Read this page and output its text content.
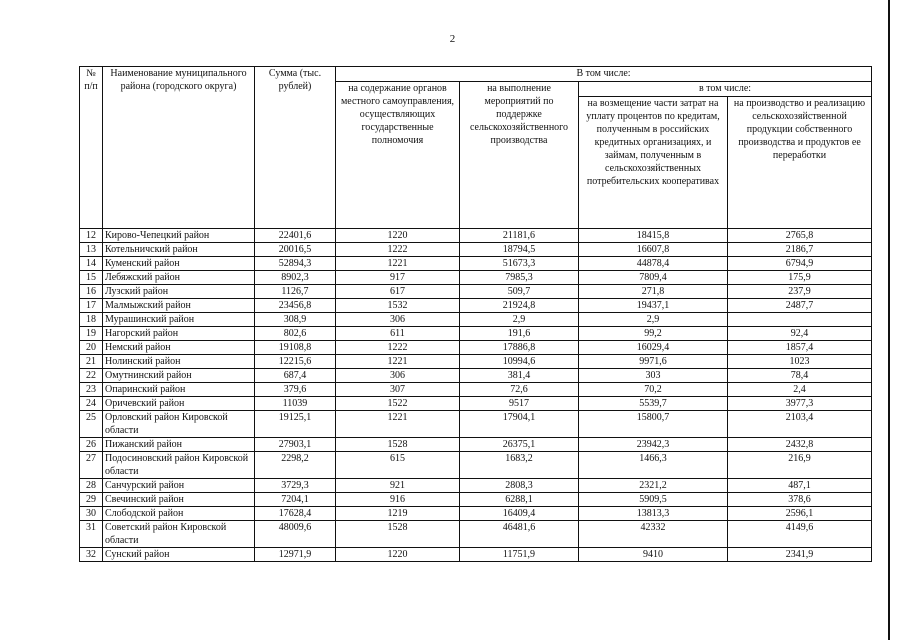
2
№ п/п	Наименование муниципального района (городского округа)	Сумма (тыс. рублей)	В том числе:			
			на содержание органов местного самоуправления, осуществляющих государственные полномочия	на выполнение мероприятий по поддержке сельскохозяйственного производства	в том числе:	
					на возмещение части затрат на уплату процентов по кредитам, полученным в российских кредитных организациях, и займам, полученным в сельскохозяйственных потребительских кооперативах	на производство и реализацию сельскохозяйственной продукции собственного производства и продуктов ее переработки
12	Кирово-Чепецкий район	22401,6	1220	21181,6	18415,8	2765,8
13	Котельничский район	20016,5	1222	18794,5	16607,8	2186,7
14	Куменский район	52894,3	1221	51673,3	44878,4	6794,9
15	Лебяжский район	8902,3	917	7985,3	7809,4	175,9
16	Лузский район	1126,7	617	509,7	271,8	237,9
17	Малмыжский район	23456,8	1532	21924,8	19437,1	2487,7
18	Мурашинский район	308,9	306	2,9	2,9	
19	Нагорский район	802,6	611	191,6	99,2	92,4
20	Немский район	19108,8	1222	17886,8	16029,4	1857,4
21	Нолинский район	12215,6	1221	10994,6	9971,6	1023
22	Омутнинский район	687,4	306	381,4	303	78,4
23	Опаринский район	379,6	307	72,6	70,2	2,4
24	Оричевский район	11039	1522	9517	5539,7	3977,3
25	Орловский район Кировской области	19125,1	1221	17904,1	15800,7	2103,4
26	Пижанский район	27903,1	1528	26375,1	23942,3	2432,8
27	Подосиновский район Кировской области	2298,2	615	1683,2	1466,3	216,9
28	Санчурский район	3729,3	921	2808,3	2321,2	487,1
29	Свечинский район	7204,1	916	6288,1	5909,5	378,6
30	Слободской район	17628,4	1219	16409,4	13813,3	2596,1
31	Советский район Кировской области	48009,6	1528	46481,6	42332	4149,6
32	Сунский район	12971,9	1220	11751,9	9410	2341,9
